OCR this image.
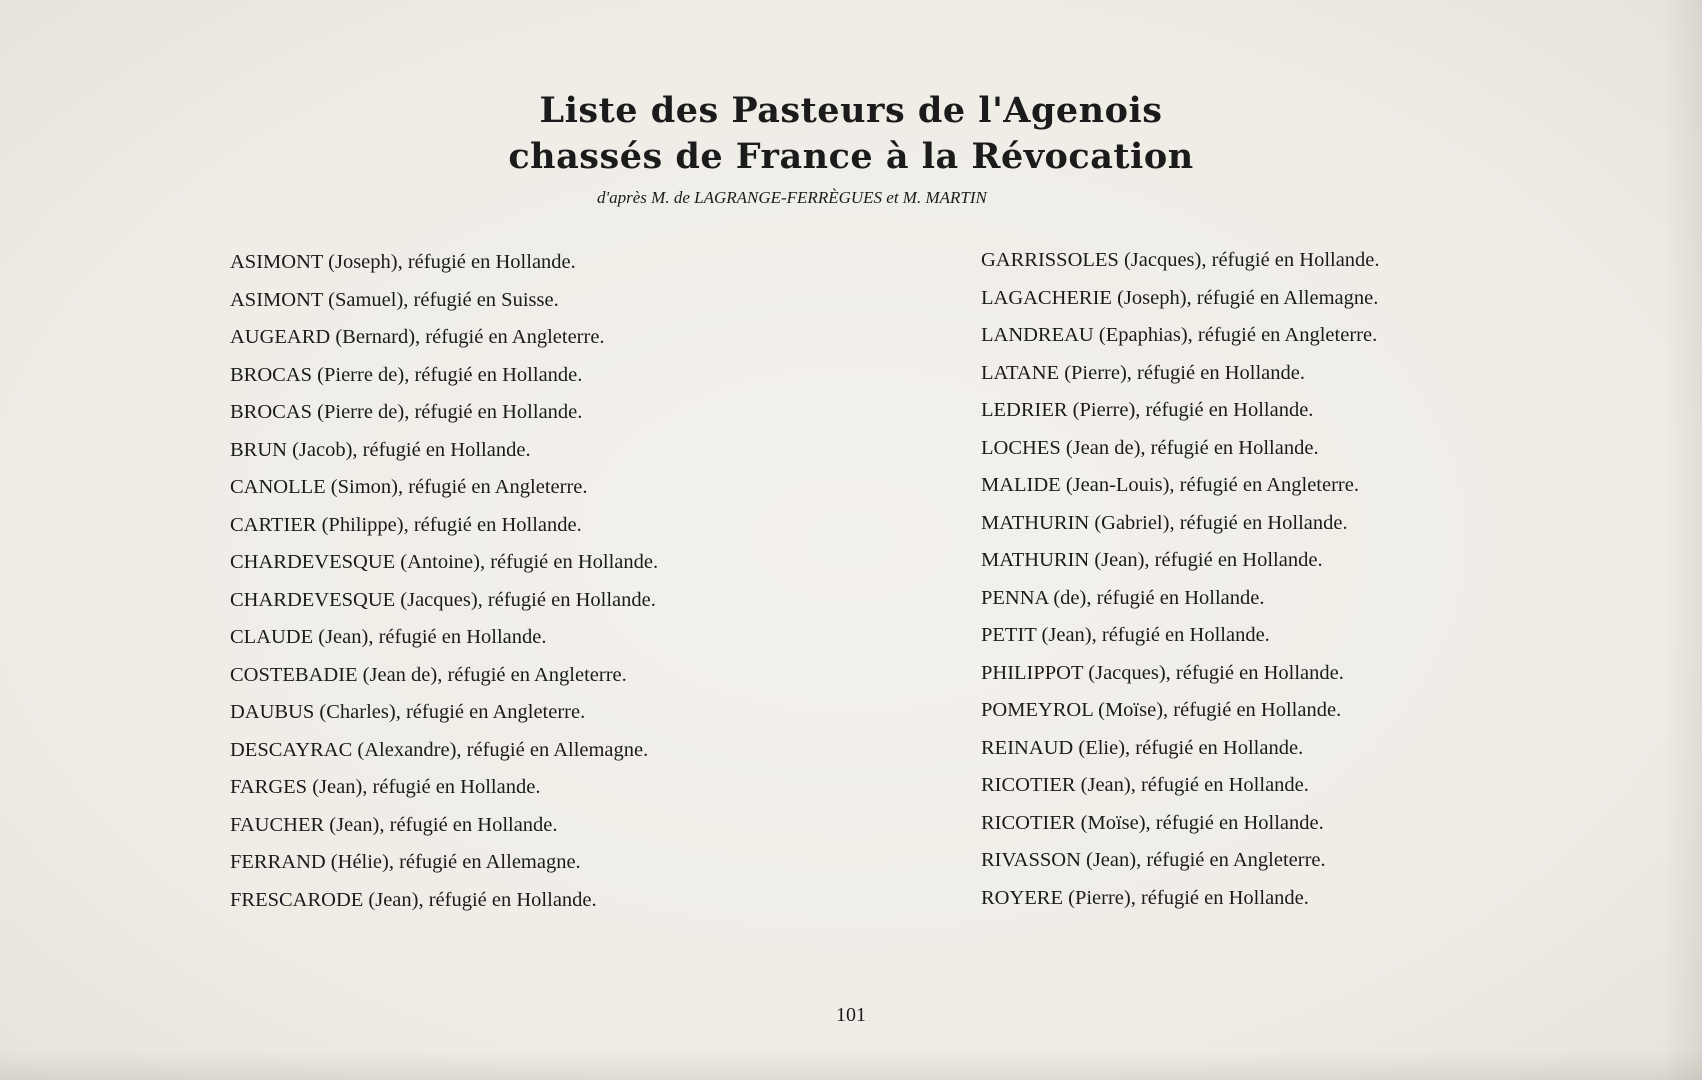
Liste des Pasteurs de l'Agenois
chassés de France à la Révocation

d'après M. de LAGRANGE-FERRÈGUES et M. MARTIN

ASIMONT (Joseph), réfugié en Hollande.
ASIMONT (Samuel), réfugié en Suisse.
AUGEARD (Bernard), réfugié en Angleterre.
BROCAS (Pierre de), réfugié en Hollande.
BROCAS (Pierre de), réfugié en Hollande.
BRUN (Jacob), réfugié en Hollande.
CANOLLE (Simon), réfugié en Angleterre.
CARTIER (Philippe), réfugié en Hollande.
CHARDEVESQUE (Antoine), réfugié en Hollande.
CHARDEVESQUE (Jacques), réfugié en Hollande.
CLAUDE (Jean), réfugié en Hollande.
COSTEBADIE (Jean de), réfugié en Angleterre.
DAUBUS (Charles), réfugié en Angleterre.
DESCAYRAC (Alexandre), réfugié en Allemagne.
FARGES (Jean), réfugié en Hollande.
FAUCHER (Jean), réfugié en Hollande.
FERRAND (Hélie), réfugié en Allemagne.
FRESCARODE (Jean), réfugié en Hollande.
GARRISSOLES (Jacques), réfugié en Hollande.
LAGACHERIE (Joseph), réfugié en Allemagne.
LANDREAU (Epaphias), réfugié en Angleterre.
LATANE (Pierre), réfugié en Hollande.
LEDRIER (Pierre), réfugié en Hollande.
LOCHES (Jean de), réfugié en Hollande.
MALIDE (Jean-Louis), réfugié en Angleterre.
MATHURIN (Gabriel), réfugié en Hollande.
MATHURIN (Jean), réfugié en Hollande.
PENNA (de), réfugié en Hollande.
PETIT (Jean), réfugié en Hollande.
PHILIPPOT (Jacques), réfugié en Hollande.
POMEYROL (Moïse), réfugié en Hollande.
REINAUD (Elie), réfugié en Hollande.
RICOTIER (Jean), réfugié en Hollande.
RICOTIER (Moïse), réfugié en Hollande.
RIVASSON (Jean), réfugié en Angleterre.
ROYERE (Pierre), réfugié en Hollande.

101
